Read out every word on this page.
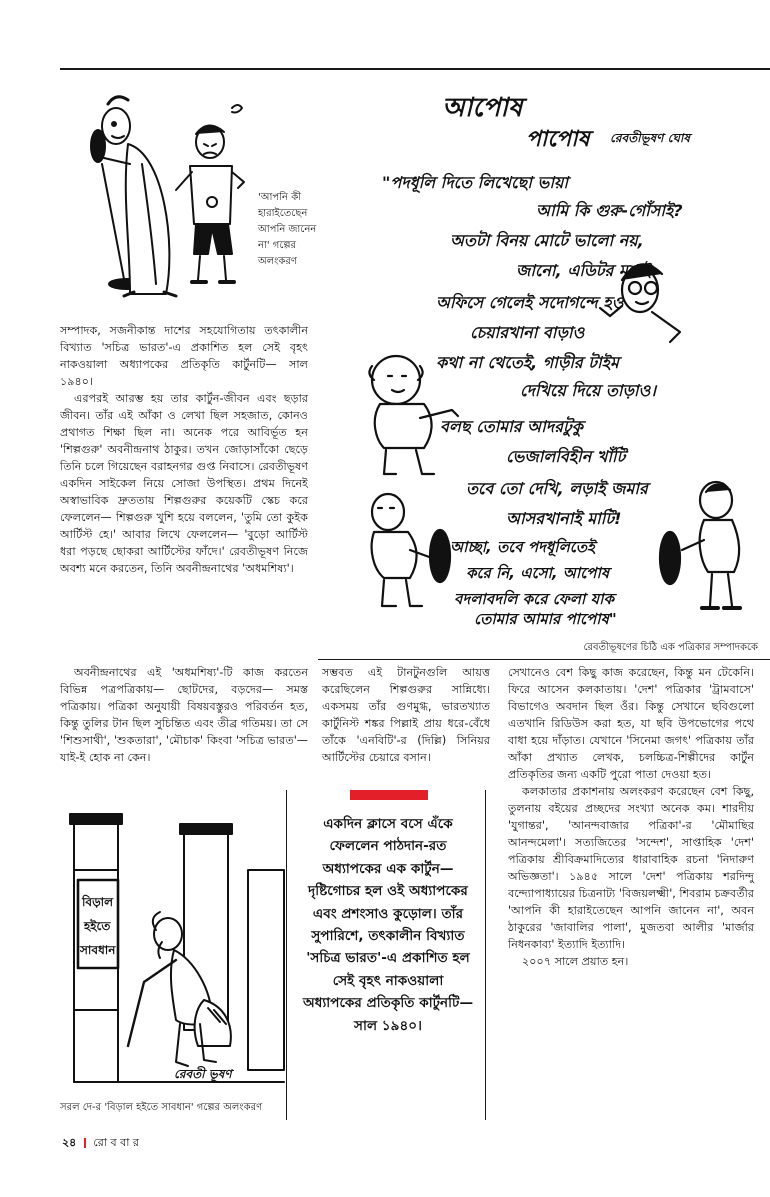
'আপনি কী
হারাইতেছেন
আপনি জানেন
না' গল্পের
অলংকরণ
আপোষ
পাপোষ	রেবতীভূষণ ঘোষ
"পদধূলি দিতে লিখেছো ভায়া
আমি কি গুরু-গোঁসাই?
অতটা বিনয় মোটে ভালো নয়,
জানো, এডিটর মশাই
অফিসে গেলেই সদোগন্দে হও
চেয়ারখানা বাড়াও
কথা না থেতেই, গাড়ীর টাইম
দেখিয়ে দিয়ে তাড়াও।
বলছ তোমার আদরটুকু
ভেজালবিহীন খাঁটি
তবে তো দেখি, লড়াই জমার
আসরখানাই মাটি!
আচ্ছা, তবে পদধূলিতেই
করে নি, এসো, আপোষ
বদলাবদলি করে ফেলা যাক
তোমার আমার পাপোষ"
রেবতীভূষণের চিঠি এক পত্রিকার সম্পাদককে

সম্পাদক, সজনীকান্ত দাশের সহযোগিতায় তৎকালীন বিখ্যাত 'সচিত্র ভারত'-এ প্রকাশিত হল সেই বৃহৎ নাকওয়ালা অধ্যাপকের প্রতিকৃতি কার্টুনটি— সাল ১৯৪০।

এরপরই আরম্ভ হয় তার কার্টুন-জীবন এবং ছড়ার জীবন। তাঁর এই আঁকা ও লেখা ছিল সহজাত, কোনও প্রথাগত শিক্ষা ছিল না। অনেক পরে আবির্ভূত হন 'শিল্পগুরু' অবনীন্দ্রনাথ ঠাকুর। তখন জোড়াসাঁকো ছেড়ে তিনি চলে গিয়েছেন বরাহনগর গুপ্ত নিবাসে। রেবতীভূষণ একদিন সাইকেল নিয়ে সোজা উপস্থিত। প্রথম দিনেই অস্বাভাবিক দ্রুততায় শিল্পগুরুর কয়েকটি স্কেচ করে ফেললেন— শিল্পগুরু খুশি হয়ে বললেন, 'তুমি তো কুইক আর্টিস্ট হে।' আবার লিখে ফেললেন— 'বুড়ো আর্টিস্ট ধরা পড়ছে ছোকরা আর্টিস্টের ফাঁদে।' রেবতীভূষণ নিজে অবশ্য মনে করতেন, তিনি অবনীন্দ্রনাথের 'অধমশিষ্য'।

অবনীন্দ্রনাথের এই 'অধমশিষ্য'-টি কাজ করতেন বিভিন্ন পত্রপত্রিকায়— ছোটদের, বড়দের— সমস্ত পত্রিকায়। পত্রিকা অনুযায়ী বিষয়বস্তুরও পরিবর্তন হত, কিন্তু তুলির টান ছিল সুচিন্তিত এবং তীব্র গতিময়। তা সে 'শিশুসাথী', 'শুকতারা', 'মৌচাক' কিংবা 'সচিত্র ভারত'— যাই-ই হোক না কেন।

রেবতী ভূষণ
বিড়াল
হইতে
সাবধান
সরল দে-র 'বিড়াল হইতে সাবধান' গল্পের অলংকরণ

সম্ভবত এই টানটুনগুলি আয়ত্ত করেছিলেন শিল্পগুরুর সান্নিধ্যে। একসময় তাঁর গুণমুগ্ধ, ভারতখ্যাত কার্টুনিস্ট শঙ্কর পিল্লাই প্রায় ধরে-বেঁধে তাঁকে 'এনবিটি'-র (দিল্লি) সিনিয়র আর্টিস্টের চেয়ারে বসান।

একদিন ক্লাসে বসে এঁকে ফেললেন পাঠদান-রত অধ্যাপকের এক কার্টুন— দৃষ্টিগোচর হল ওই অধ্যাপকের এবং প্রশংসাও কুড়োল। তাঁর সুপারিশে, তৎকালীন বিখ্যাত 'সচিত্র ভারত'-এ প্রকাশিত হল সেই বৃহৎ নাকওয়ালা অধ্যাপকের প্রতিকৃতি কার্টুনটি— সাল ১৯৪০।

সেখানেও বেশ কিছু কাজ করেছেন, কিন্তু মন টেকেনি। ফিরে আসেন কলকাতায়। 'দেশ' পত্রিকার 'ট্রামবাসে' বিভাগেও অবদান ছিল ওঁর। কিন্তু সেখানে ছবিগুলো এতখানি রিডিউস করা হত, যা ছবি উপভোগের পথে বাধা হয়ে দাঁড়াত। যেখানে 'সিনেমা জগৎ' পত্রিকায় তাঁর আঁকা প্রখ্যাত লেখক, চলচ্চিত্র-শিল্পীদের কার্টুন প্রতিকৃতির জন্য একটি পুরো পাতা দেওয়া হত।

কলকাতার প্রকাশনায় অলংকরণ করেছেন বেশ কিছু, তুলনায় বইয়ের প্রচ্ছদের সংখ্যা অনেক কম। শারদীয় 'যুগান্তর', 'আনন্দবাজার পত্রিকা'-র 'মৌমাছির আনন্দমেলা'। সত্যজিতের 'সন্দেশ', সাপ্তাহিক 'দেশ' পত্রিকায় শ্রীবিক্রমাদিত্যের ধারাবাহিক রচনা 'নিদারুণ অভিজ্ঞতা'। ১৯৪৫ সালে 'দেশ' পত্রিকায় শরদিন্দু বন্দ্যোপাধ্যায়ের চিত্রনাট্য 'বিজয়লক্ষ্মী', শিবরাম চক্রবর্তীর 'আপনি কী হারাইতেছেন আপনি জানেন না', অবন ঠাকুরের 'জাবালির পালা', মুজতবা আলীর 'মার্জার নিধনকাব্য' ইত্যাদি ইত্যাদি।

২০০৭ সালে প্রয়াত হন।

২৪ রো ব বা র
